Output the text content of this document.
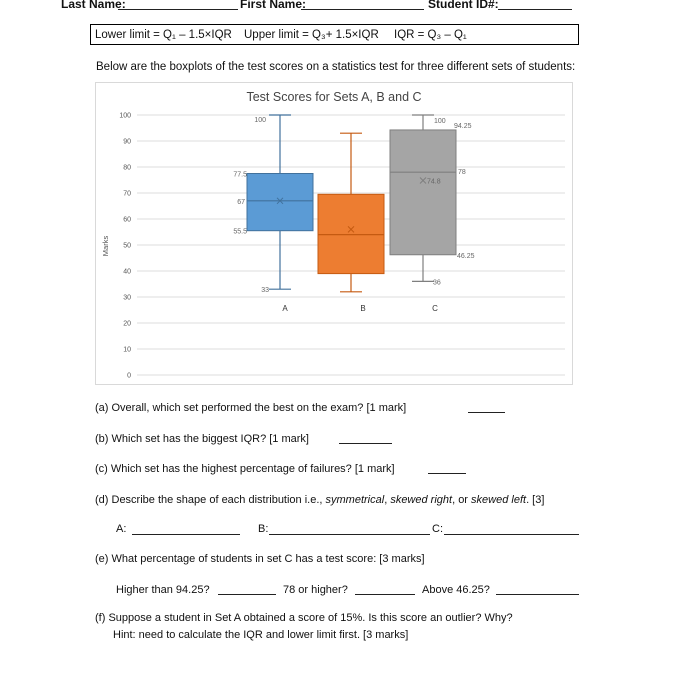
Last Name:	First Name:	Student ID#:
Lower limit = Q₁ – 1.5×IQR Upper limit = Q₃+ 1.5×IQR IQR = Q₃ – Q₁
Below are the boxplots of the test scores on a statistics test for three different sets of students:
Test Scores for Sets A, B and C
Marks
0
10
20
30
40
50
60
70
80
90
100
A
100
77.5
67
55.5
33
B	C
100
94.25
78
74.8
46.25
36
(a) Overall, which set performed the best on the exam? [1 mark]
(b) Which set has the biggest IQR? [1 mark]
(c) Which set has the highest percentage of failures? [1 mark]
(d) Describe the shape of each distribution i.e., symmetrical, skewed right, or skewed left. [3]
A:	B:	C:
(e) What percentage of students in set C has a test score: [3 marks]
Higher than 94.25?	78 or higher?	Above 46.25?
(f) Suppose a student in Set A obtained a score of 15%. Is this score an outlier? Why?
Hint: need to calculate the IQR and lower limit first. [3 marks]
